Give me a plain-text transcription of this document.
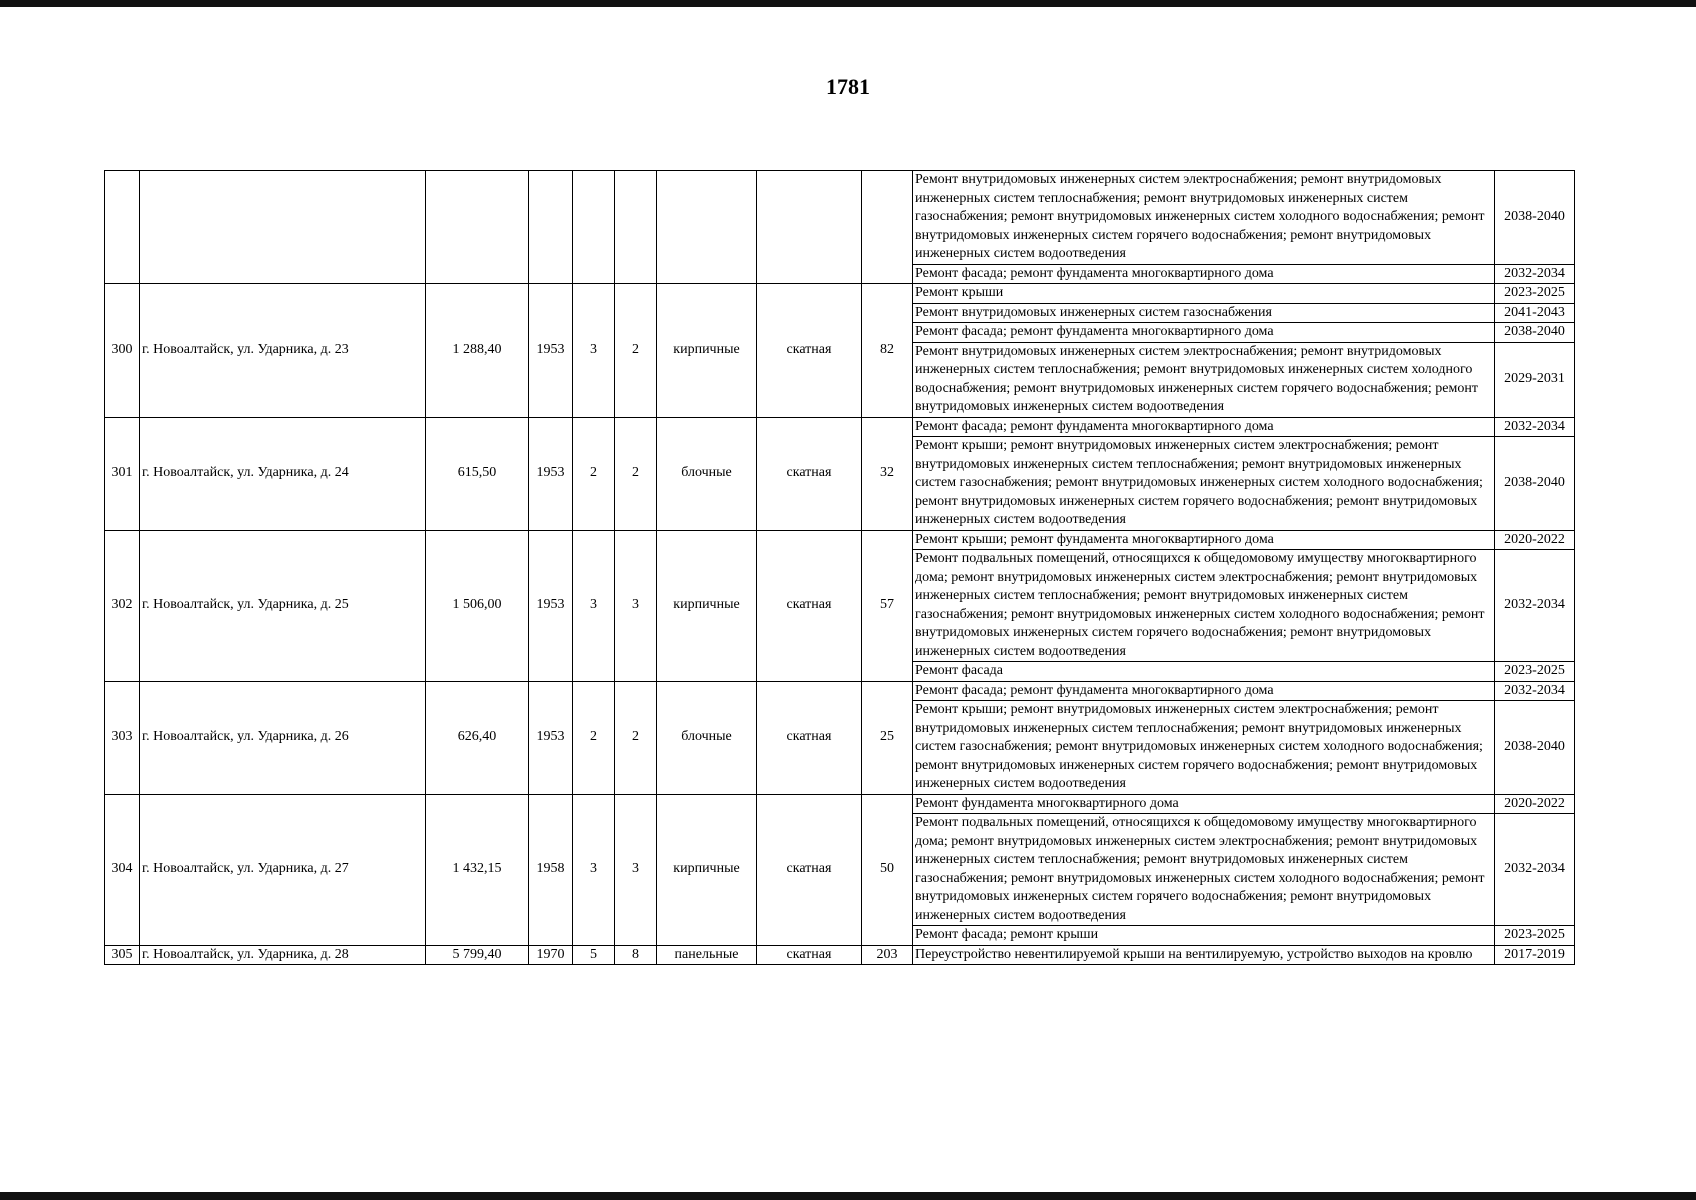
1781
									Ремонт внутридомовых инженерных систем электроснабжения; ремонт внутридомовых инженерных систем теплоснабжения; ремонт внутридомовых инженерных систем газоснабжения; ремонт внутридомовых инженерных систем холодного водоснабжения; ремонт внутридомовых инженерных систем горячего водоснабжения; ремонт внутридомовых инженерных систем водоотведения	2038-2040
									Ремонт фасада; ремонт фундамента многоквартирного дома	2032-2034
300	г. Новоалтайск, ул. Ударника, д. 23	1 288,40	1953	3	2	кирпичные	скатная	82	Ремонт крыши	2023-2025
									Ремонт внутридомовых инженерных систем газоснабжения	2041-2043
									Ремонт фасада; ремонт фундамента многоквартирного дома	2038-2040
									Ремонт внутридомовых инженерных систем электроснабжения; ремонт внутридомовых инженерных систем теплоснабжения; ремонт внутридомовых инженерных систем холодного водоснабжения; ремонт внутридомовых инженерных систем горячего водоснабжения; ремонт внутридомовых инженерных систем водоотведения	2029-2031
301	г. Новоалтайск, ул. Ударника, д. 24	615,50	1953	2	2	блочные	скатная	32	Ремонт фасада; ремонт фундамента многоквартирного дома	2032-2034
									Ремонт крыши; ремонт внутридомовых инженерных систем электроснабжения; ремонт внутридомовых инженерных систем теплоснабжения; ремонт внутридомовых инженерных систем газоснабжения; ремонт внутридомовых инженерных систем холодного водоснабжения; ремонт внутридомовых инженерных систем горячего водоснабжения; ремонт внутридомовых инженерных систем водоотведения	2038-2040
302	г. Новоалтайск, ул. Ударника, д. 25	1 506,00	1953	3	3	кирпичные	скатная	57	Ремонт крыши; ремонт фундамента многоквартирного дома	2020-2022
									Ремонт подвальных помещений, относящихся к общедомовому имуществу многоквартирного дома; ремонт внутридомовых инженерных систем электроснабжения; ремонт внутридомовых инженерных систем теплоснабжения; ремонт внутридомовых инженерных систем газоснабжения; ремонт внутридомовых инженерных систем холодного водоснабжения; ремонт внутридомовых инженерных систем горячего водоснабжения; ремонт внутридомовых инженерных систем водоотведения	2032-2034
									Ремонт фасада	2023-2025
303	г. Новоалтайск, ул. Ударника, д. 26	626,40	1953	2	2	блочные	скатная	25	Ремонт фасада; ремонт фундамента многоквартирного дома	2032-2034
									Ремонт крыши; ремонт внутридомовых инженерных систем электроснабжения; ремонт внутридомовых инженерных систем теплоснабжения; ремонт внутридомовых инженерных систем газоснабжения; ремонт внутридомовых инженерных систем холодного водоснабжения; ремонт внутридомовых инженерных систем горячего водоснабжения; ремонт внутридомовых инженерных систем водоотведения	2038-2040
304	г. Новоалтайск, ул. Ударника, д. 27	1 432,15	1958	3	3	кирпичные	скатная	50	Ремонт фундамента многоквартирного дома	2020-2022
									Ремонт подвальных помещений, относящихся к общедомовому имуществу многоквартирного дома; ремонт внутридомовых инженерных систем электроснабжения; ремонт внутридомовых инженерных систем теплоснабжения; ремонт внутридомовых инженерных систем газоснабжения; ремонт внутридомовых инженерных систем холодного водоснабжения; ремонт внутридомовых инженерных систем горячего водоснабжения; ремонт внутридомовых инженерных систем водоотведения	2032-2034
									Ремонт фасада; ремонт крыши	2023-2025
305	г. Новоалтайск, ул. Ударника, д. 28	5 799,40	1970	5	8	панельные	скатная	203	Переустройство невентилируемой крыши на вентилируемую, устройство выходов на кровлю	2017-2019
